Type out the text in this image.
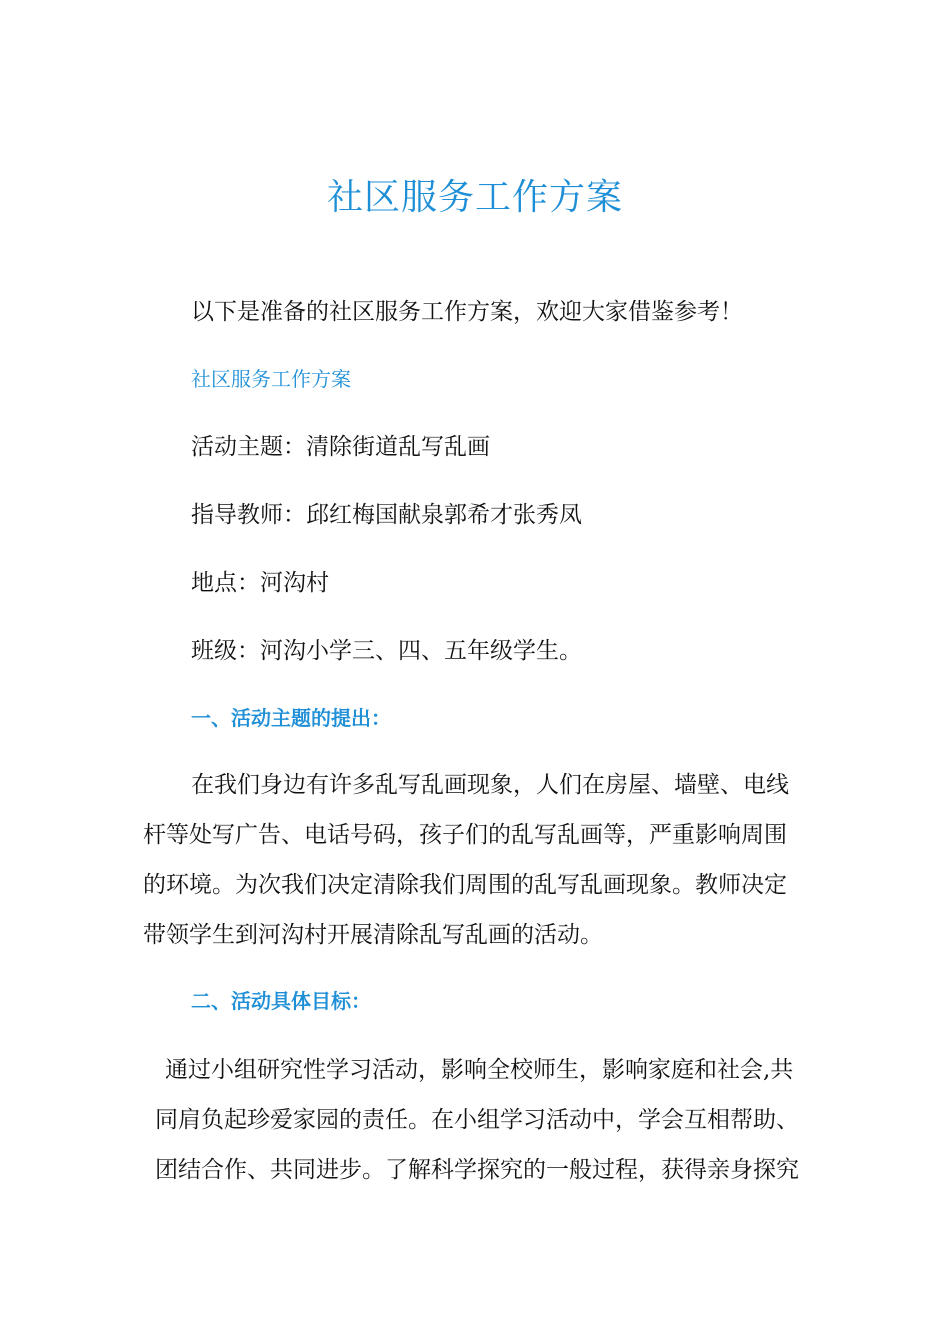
社区服务工作方案
以下是准备的社区服务工作方案，欢迎大家借鉴参考！
社区服务工作方案
活动主题：清除街道乱写乱画
指导教师：邱红梅国献泉郭希才张秀凤
地点：河沟村
班级：河沟小学三、四、五年级学生。
一、活动主题的提出：

在我们身边有许多乱写乱画现象，人们在房屋、墙壁、电线

杆等处写广告、电话号码，孩子们的乱写乱画等，严重影响周围

的环境。为次我们决定清除我们周围的乱写乱画现象。教师决定

带领学生到河沟村开展清除乱写乱画的活动。

二、活动具体目标：

通过小组研究性学习活动，影响全校师生，影响家庭和社会,共

同肩负起珍爱家园的责任。在小组学习活动中，学会互相帮助、

团结合作、共同进步。了解科学探究的一般过程，获得亲身探究
